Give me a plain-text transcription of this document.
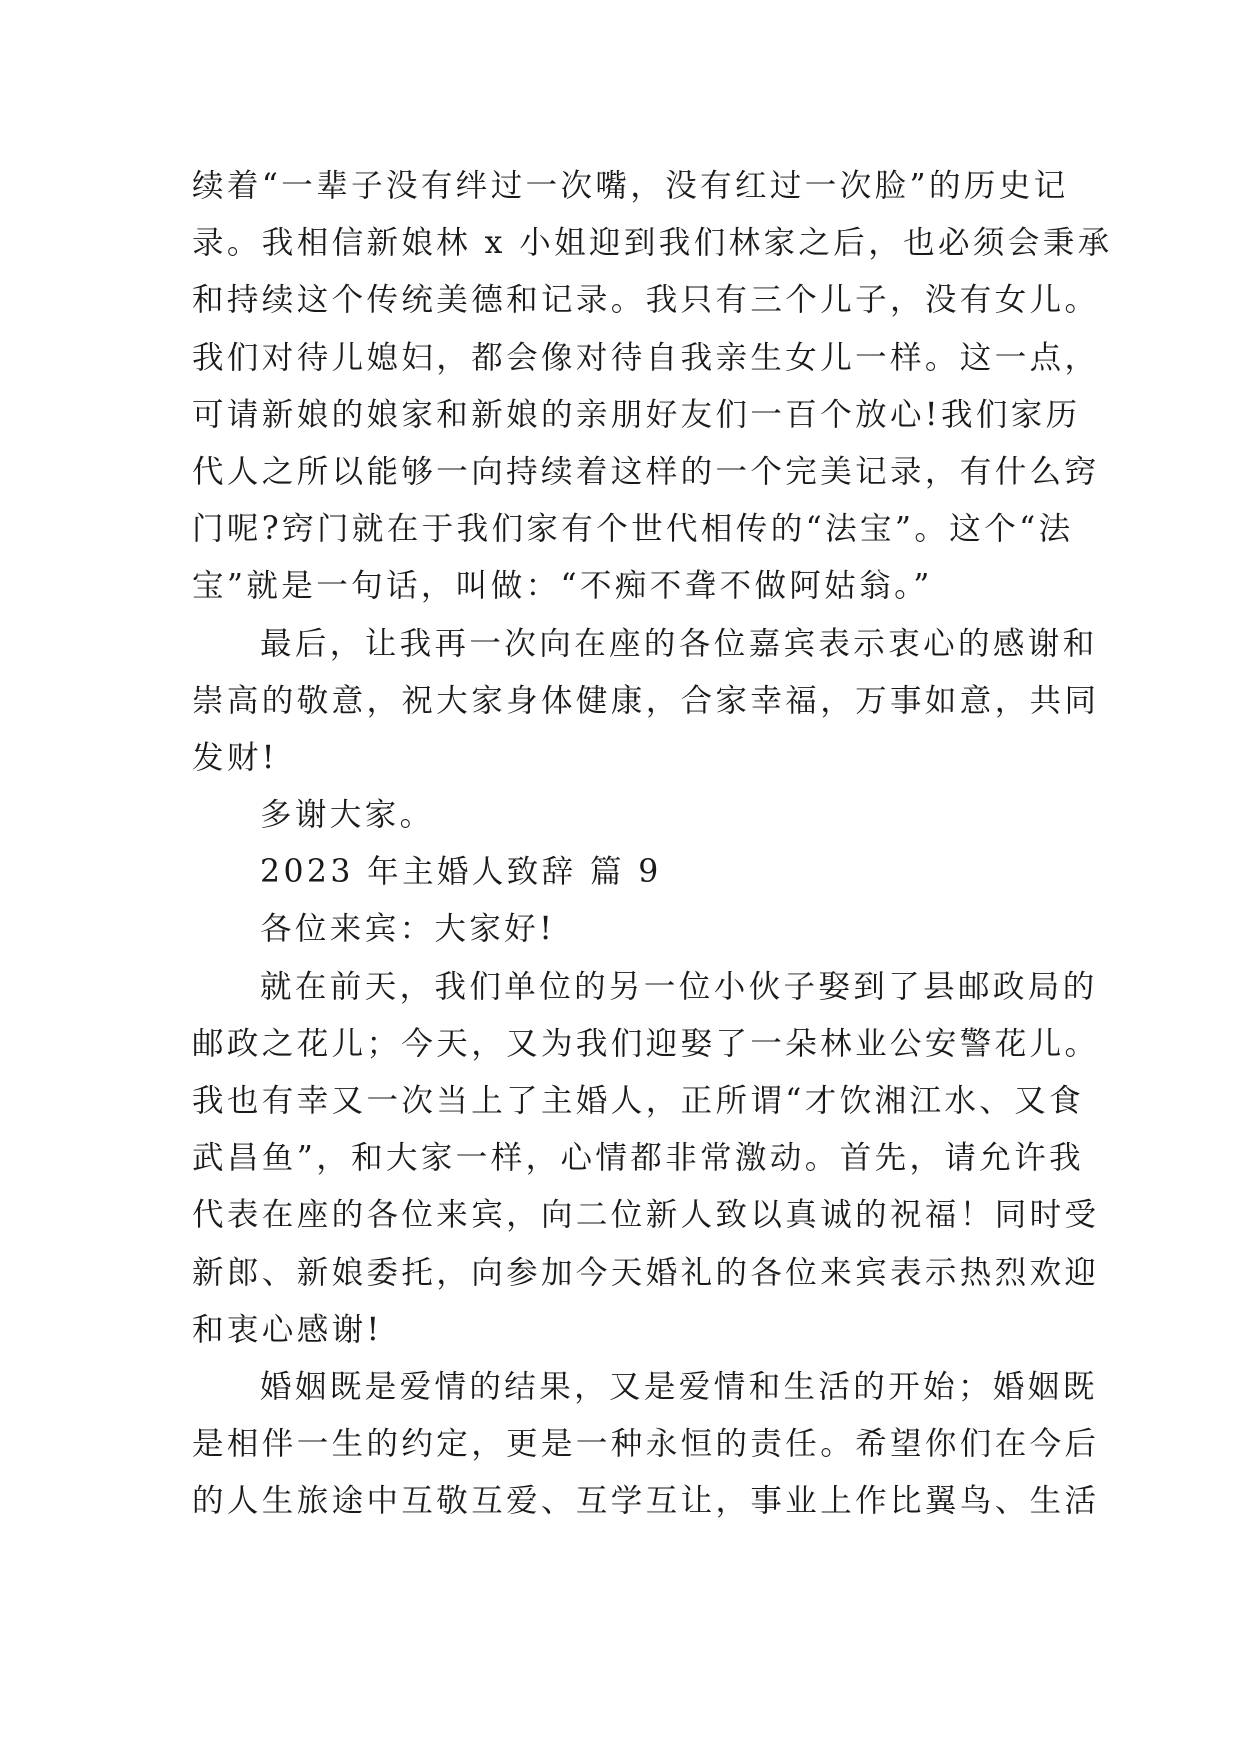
续着“一辈子没有绊过一次嘴，没有红过一次脸”的历史记
录。我相信新娘林 x 小姐迎到我们林家之后，也必须会秉承
和持续这个传统美德和记录。我只有三个儿子，没有女儿。
我们对待儿媳妇，都会像对待自我亲生女儿一样。这一点，
可请新娘的娘家和新娘的亲朋好友们一百个放心!我们家历
代人之所以能够一向持续着这样的一个完美记录，有什么窍
门呢?窍门就在于我们家有个世代相传的“法宝”。这个“法
宝”就是一句话，叫做：“不痴不聋不做阿姑翁。”
最后，让我再一次向在座的各位嘉宾表示衷心的感谢和
崇高的敬意，祝大家身体健康，合家幸福，万事如意，共同
发财!
多谢大家。
2023 年主婚人致辞 篇 9
各位来宾：大家好!
就在前天，我们单位的另一位小伙子娶到了县邮政局的
邮政之花儿；今天，又为我们迎娶了一朵林业公安警花儿。
我也有幸又一次当上了主婚人，正所谓“才饮湘江水、又食
武昌鱼”，和大家一样，心情都非常激动。首先，请允许我
代表在座的各位来宾，向二位新人致以真诚的祝福！同时受
新郎、新娘委托，向参加今天婚礼的各位来宾表示热烈欢迎
和衷心感谢!
婚姻既是爱情的结果，又是爱情和生活的开始；婚姻既
是相伴一生的约定，更是一种永恒的责任。希望你们在今后
的人生旅途中互敬互爱、互学互让，事业上作比翼鸟、生活
